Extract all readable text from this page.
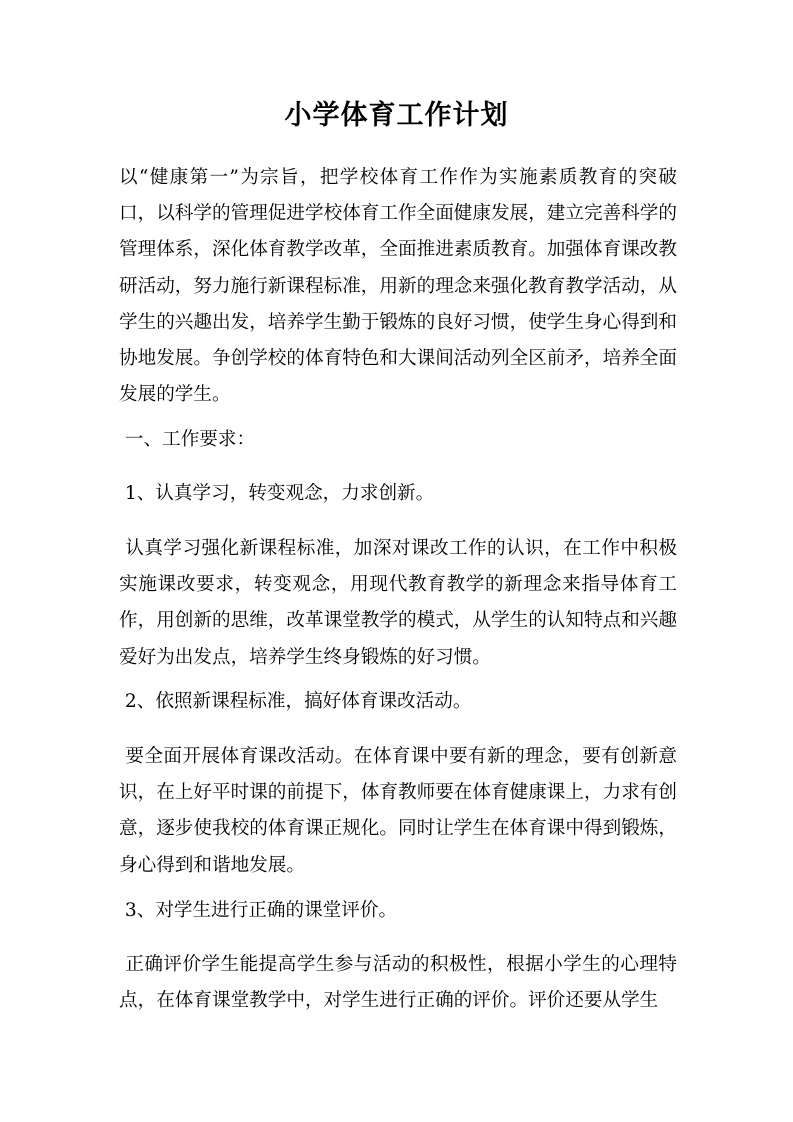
小学体育工作计划

以“健康第一”为宗旨，把学校体育工作作为实施素质教育的突破口，以科学的管理促进学校体育工作全面健康发展，建立完善科学的管理体系，深化体育教学改革，全面推进素质教育。加强体育课改教研活动，努力施行新课程标准，用新的理念来强化教育教学活动，从学生的兴趣出发，培养学生勤于锻炼的良好习惯，使学生身心得到和协地发展。争创学校的体育特色和大课间活动列全区前矛，培养全面发展的学生。

一、工作要求：

1、认真学习，转变观念，力求创新。

认真学习强化新课程标准，加深对课改工作的认识，在工作中积极实施课改要求，转变观念，用现代教育教学的新理念来指导体育工作，用创新的思维，改革课堂教学的模式，从学生的认知特点和兴趣爱好为出发点，培养学生终身锻炼的好习惯。

2、依照新课程标准，搞好体育课改活动。

要全面开展体育课改活动。在体育课中要有新的理念，要有创新意识，在上好平时课的前提下，体育教师要在体育健康课上，力求有创意，逐步使我校的体育课正规化。同时让学生在体育课中得到锻炼，身心得到和谐地发展。

3、对学生进行正确的课堂评价。

正确评价学生能提高学生参与活动的积极性，根据小学生的心理特点，在体育课堂教学中，对学生进行正确的评价。评价还要从学生
